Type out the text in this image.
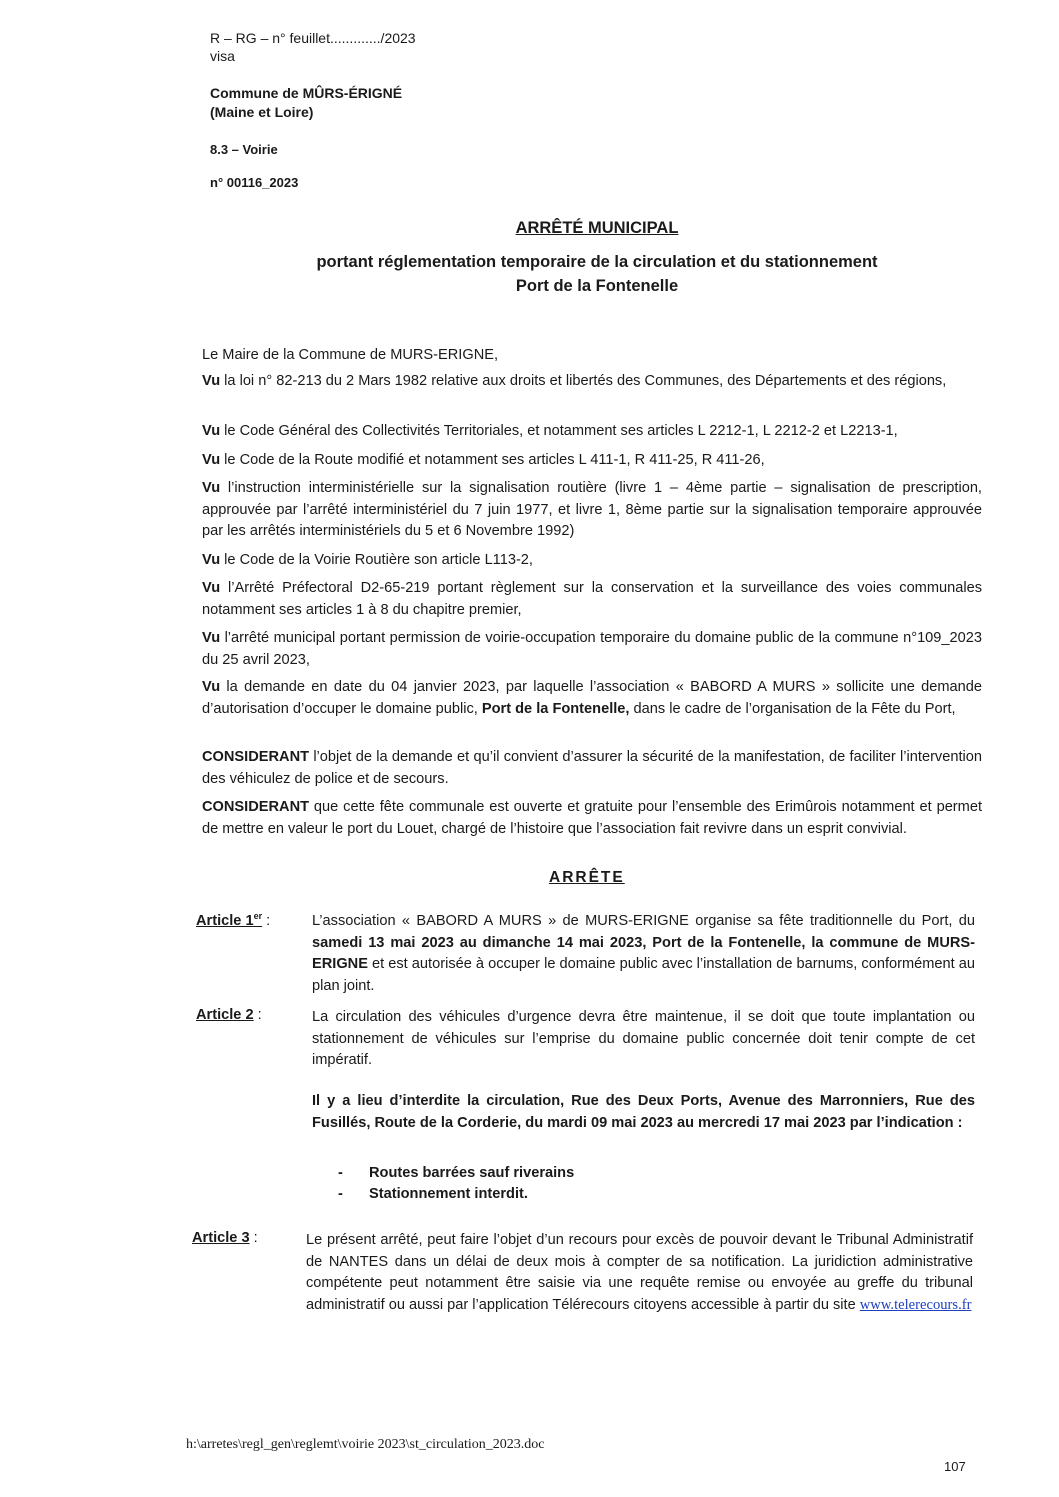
R – RG – n° feuillet............./2023
visa
Commune de MÛRS-ÉRIGNÉ
(Maine et Loire)
8.3 – Voirie
n° 00116_2023
ARRÊTÉ MUNICIPAL
portant réglementation temporaire de la circulation et du stationnement
Port de la Fontenelle
Le Maire de la Commune de MURS-ERIGNE,
Vu la loi n° 82-213 du 2 Mars 1982 relative aux droits et libertés des Communes, des Départements et des régions,
Vu le Code Général des Collectivités Territoriales, et notamment ses articles L 2212-1, L 2212-2 et L2213-1,
Vu le Code de la Route modifié et notamment ses articles L 411-1, R 411-25, R 411-26,
Vu l’instruction interministérielle sur la signalisation routière (livre 1 – 4ème partie – signalisation de prescription, approuvée par l’arrêté interministériel du 7 juin 1977, et livre 1, 8ème partie sur la signalisation temporaire approuvée par les arrêtés interministériels du 5 et 6 Novembre 1992)
Vu le Code de la Voirie Routière son article L113-2,
Vu l’Arrêté Préfectoral D2-65-219 portant règlement sur la conservation et la surveillance des voies communales notamment ses articles 1 à 8 du chapitre premier,
Vu l’arrêté municipal portant permission de voirie-occupation temporaire du domaine public de la commune n°109_2023 du 25 avril 2023,
Vu la demande en date du 04 janvier 2023, par laquelle l’association « BABORD A MURS » sollicite une demande d’autorisation d’occuper le domaine public, Port de la Fontenelle, dans le cadre de l’organisation de la Fête du Port,
CONSIDERANT l’objet de la demande et qu’il convient d’assurer la sécurité de la manifestation, de faciliter l’intervention des véhiculez de police et de secours.
CONSIDERANT que cette fête communale est ouverte et gratuite pour l’ensemble des Erimûrois notamment et permet de mettre en valeur le port du Louet, chargé de l’histoire que l’association fait revivre dans un esprit convivial.
ARRÊTE
Article 1er :	L’association « BABORD A MURS » de MURS-ERIGNE organise sa fête traditionnelle du Port, du samedi 13 mai 2023 au dimanche 14 mai 2023, Port de la Fontenelle, la commune de MURS-ERIGNE et est autorisée à occuper le domaine public avec l’installation de barnums, conformément au plan joint.
Article 2 :	La circulation des véhicules d’urgence devra être maintenue, il se doit que toute implantation ou stationnement de véhicules sur l’emprise du domaine public concernée doit tenir compte de cet impératif.
Il y a lieu d’interdite la circulation, Rue des Deux Ports, Avenue des Marronniers, Rue des Fusillés, Route de la Corderie, du mardi 09 mai 2023 au mercredi 17 mai 2023 par l’indication :
- Routes barrées sauf riverains
- Stationnement interdit.
Article 3 :	Le présent arrêté, peut faire l’objet d’un recours pour excès de pouvoir devant le Tribunal Administratif de NANTES dans un délai de deux mois à compter de sa notification. La juridiction administrative compétente peut notamment être saisie via une requête remise ou envoyée au greffe du tribunal administratif ou aussi par l’application Télérecours citoyens accessible à partir du site www.telerecours.fr
h:\arretes\regl_gen\reglemt\voirie 2023\st_circulation_2023.doc
107
